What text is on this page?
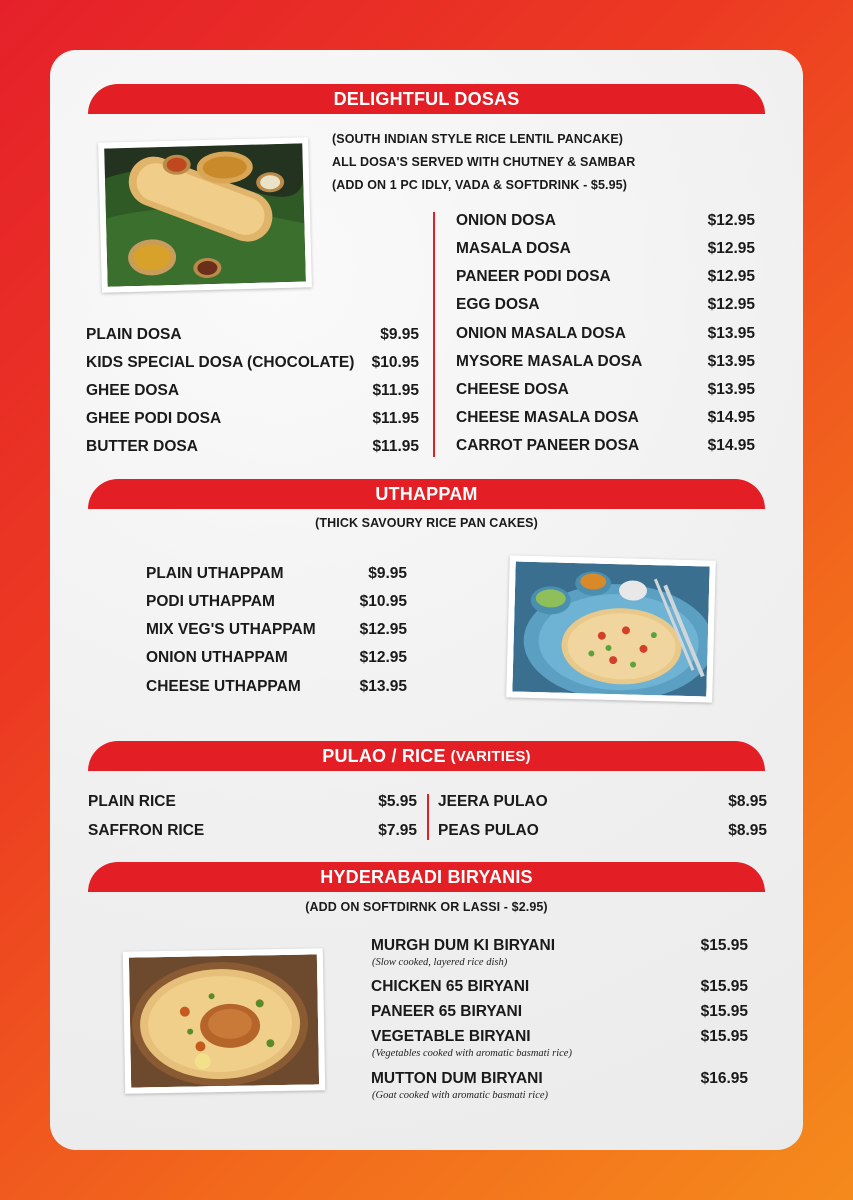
DELIGHTFUL DOSAS
(SOUTH INDIAN STYLE RICE LENTIL PANCAKE)
ALL DOSA'S SERVED WITH CHUTNEY & SAMBAR
(ADD ON 1 PC IDLY, VADA & SOFTDRINK - $5.95)
PLAIN DOSA	$9.95
KIDS SPECIAL DOSA (CHOCOLATE)	$10.95
GHEE DOSA	$11.95
GHEE PODI DOSA	$11.95
BUTTER DOSA	$11.95
ONION DOSA	$12.95
MASALA DOSA	$12.95
PANEER PODI DOSA	$12.95
EGG DOSA	$12.95
ONION MASALA DOSA	$13.95
MYSORE MASALA DOSA	$13.95
CHEESE DOSA	$13.95
CHEESE MASALA DOSA	$14.95
CARROT PANEER DOSA	$14.95
UTHAPPAM
(THICK SAVOURY RICE PAN CAKES)
PLAIN UTHAPPAM	$9.95
PODI UTHAPPAM	$10.95
MIX VEG'S UTHAPPAM	$12.95
ONION UTHAPPAM	$12.95
CHEESE UTHAPPAM	$13.95
PULAO / RICE (VARITIES)
PLAIN RICE	$5.95
SAFFRON RICE	$7.95
JEERA PULAO	$8.95
PEAS PULAO	$8.95
HYDERABADI BIRYANIS
(ADD ON SOFTDIRNK OR LASSI - $2.95)
MURGH DUM KI BIRYANI	$15.95
(Slow cooked, layered rice dish)
CHICKEN 65 BIRYANI	$15.95
PANEER 65 BIRYANI	$15.95
VEGETABLE BIRYANI	$15.95
(Vegetables cooked with aromatic basmati rice)
MUTTON DUM BIRYANI	$16.95
(Goat cooked with aromatic basmati rice)
